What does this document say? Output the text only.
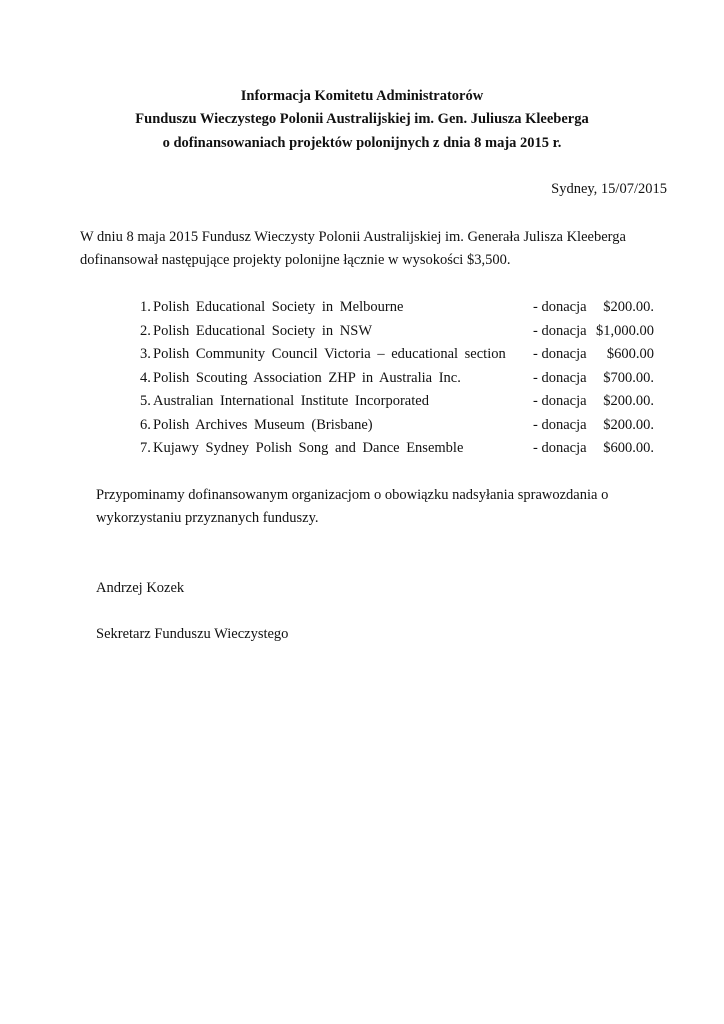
Informacja Komitetu Administratorów
Funduszu Wieczystego Polonii Australijskiej im. Gen. Juliusza Kleeberga
o dofinansowaniach projektów polonijnych z dnia 8 maja 2015 r.
Sydney, 15/07/2015
W dniu 8 maja 2015 Fundusz Wieczysty Polonii Australijskiej im. Generała Julisza Kleeberga
dofinansował następujące projekty polonijne łącznie w wysokości $3,500.
1. Polish Educational Society in Melbourne	- donacja $200.00.
2. Polish Educational Society in NSW	- donacja $1,000.00
3. Polish Community Council Victoria – educational section - donacja $600.00
4. Polish Scouting Association ZHP in Australia Inc.	- donacja $700.00.
5. Australian International Institute Incorporated	- donacja $200.00.
6. Polish Archives Museum (Brisbane)	- donacja $200.00.
7. Kujawy Sydney Polish Song and Dance Ensemble	- donacja $600.00.
Przypominamy dofinansowanym organizacjom o obowiązku nadsyłania sprawozdania o
wykorzystaniu przyznanych funduszy.
Andrzej Kozek
Sekretarz Funduszu Wieczystego
